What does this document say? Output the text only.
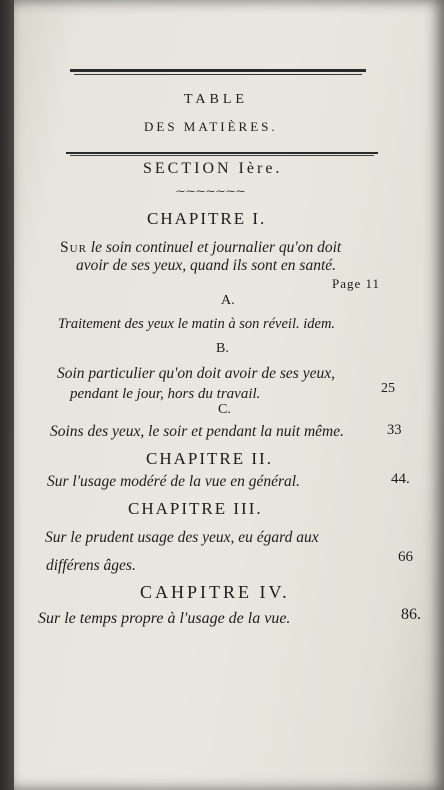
TABLE

DES MATIÈRES.

SECTION Ière.

⁓⁓⁓⁓⁓⁓⁓

CHAPITRE I.

Sur le soin continuel et journalier qu'on doit

avoir de ses yeux, quand ils sont en santé.

Page 11

A.

Traitement des yeux le matin à son réveil. idem.

B.

Soin particulier qu'on doit avoir de ses yeux,

pendant le jour, hors du travail.	25

C.

Soins des yeux, le soir et pendant la nuit même.	33

CHAPITRE II.

Sur l'usage modéré de la vue en général.	44.

CHAPITRE III.

Sur le prudent usage des yeux, eu égard aux

différens âges.	66

CAHPITRE IV.

Sur le temps propre à l'usage de la vue.	86.
